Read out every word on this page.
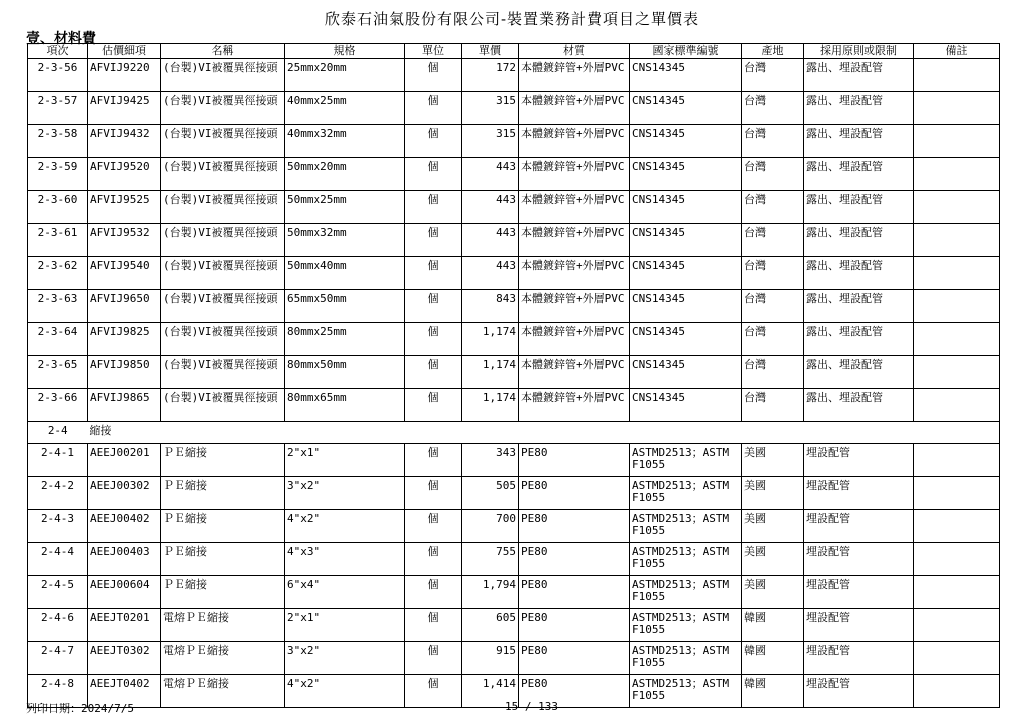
欣泰石油氣股份有限公司-裝置業務計費項目之單價表
壹、材料費
項次	估價細項	名稱	規格	單位	單價	材質	國家標準編號	產地	採用原則或限制	備註
2-3-56	AFVIJ9220	(台製)VI被覆異徑接頭	25mmx20mm	個	172	本體鍍鋅管+外層PVC	CNS14345	台灣	露出、埋設配管	
2-3-57	AFVIJ9425	(台製)VI被覆異徑接頭	40mmx25mm	個	315	本體鍍鋅管+外層PVC	CNS14345	台灣	露出、埋設配管	
2-3-58	AFVIJ9432	(台製)VI被覆異徑接頭	40mmx32mm	個	315	本體鍍鋅管+外層PVC	CNS14345	台灣	露出、埋設配管	
2-3-59	AFVIJ9520	(台製)VI被覆異徑接頭	50mmx20mm	個	443	本體鍍鋅管+外層PVC	CNS14345	台灣	露出、埋設配管	
2-3-60	AFVIJ9525	(台製)VI被覆異徑接頭	50mmx25mm	個	443	本體鍍鋅管+外層PVC	CNS14345	台灣	露出、埋設配管	
2-3-61	AFVIJ9532	(台製)VI被覆異徑接頭	50mmx32mm	個	443	本體鍍鋅管+外層PVC	CNS14345	台灣	露出、埋設配管	
2-3-62	AFVIJ9540	(台製)VI被覆異徑接頭	50mmx40mm	個	443	本體鍍鋅管+外層PVC	CNS14345	台灣	露出、埋設配管	
2-3-63	AFVIJ9650	(台製)VI被覆異徑接頭	65mmx50mm	個	843	本體鍍鋅管+外層PVC	CNS14345	台灣	露出、埋設配管	
2-3-64	AFVIJ9825	(台製)VI被覆異徑接頭	80mmx25mm	個	1,174	本體鍍鋅管+外層PVC	CNS14345	台灣	露出、埋設配管	
2-3-65	AFVIJ9850	(台製)VI被覆異徑接頭	80mmx50mm	個	1,174	本體鍍鋅管+外層PVC	CNS14345	台灣	露出、埋設配管	
2-3-66	AFVIJ9865	(台製)VI被覆異徑接頭	80mmx65mm	個	1,174	本體鍍鋅管+外層PVC	CNS14345	台灣	露出、埋設配管	
2-4	縮接									
2-4-1	AEEJ00201	ＰＥ縮接	2"x1"	個	343	PE80	ASTMD2513；ASTM F1055	美國	埋設配管	
2-4-2	AEEJ00302	ＰＥ縮接	3"x2"	個	505	PE80	ASTMD2513；ASTM F1055	美國	埋設配管	
2-4-3	AEEJ00402	ＰＥ縮接	4"x2"	個	700	PE80	ASTMD2513；ASTM F1055	美國	埋設配管	
2-4-4	AEEJ00403	ＰＥ縮接	4"x3"	個	755	PE80	ASTMD2513；ASTM F1055	美國	埋設配管	
2-4-5	AEEJ00604	ＰＥ縮接	6"x4"	個	1,794	PE80	ASTMD2513；ASTM F1055	美國	埋設配管	
2-4-6	AEEJT0201	電熔ＰＥ縮接	2"x1"	個	605	PE80	ASTMD2513；ASTM F1055	韓國	埋設配管	
2-4-7	AEEJT0302	電熔ＰＥ縮接	3"x2"	個	915	PE80	ASTMD2513；ASTM F1055	韓國	埋設配管	
2-4-8	AEEJT0402	電熔ＰＥ縮接	4"x2"	個	1,414	PE80	ASTMD2513；ASTM F1055	韓國	埋設配管	
列印日期：2024/7/5	15 / 133
